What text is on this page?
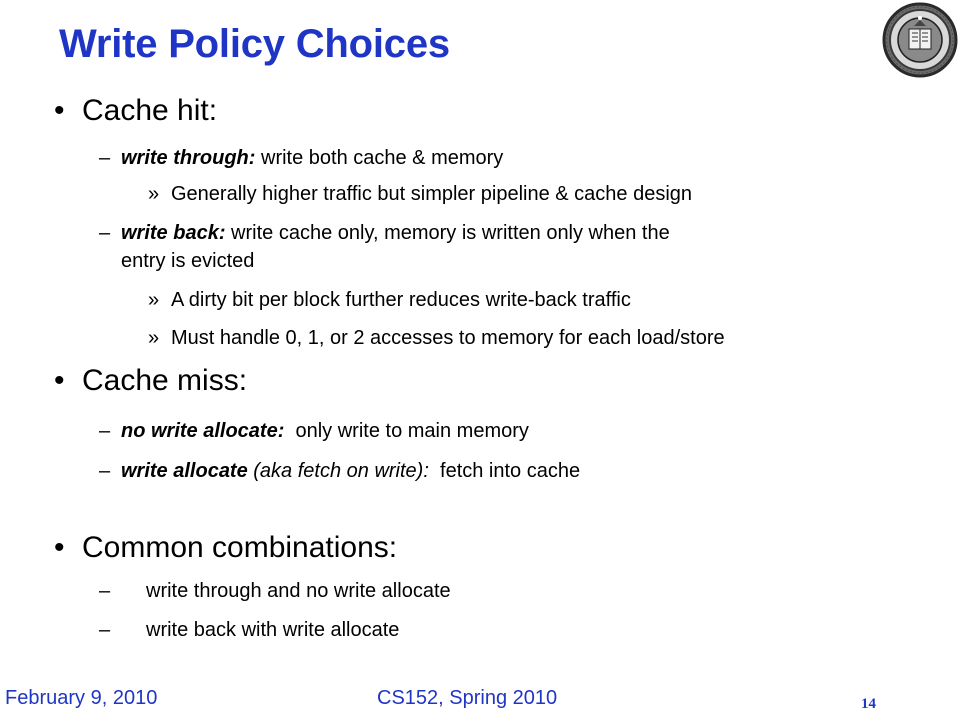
Write Policy Choices
• Cache hit:
– write through: write both cache & memory
» Generally higher traffic but simpler pipeline & cache design
– write back: write cache only, memory is written only when the
entry is evicted
» A dirty bit per block further reduces write-back traffic
» Must handle 0, 1, or 2 accesses to memory for each load/store
• Cache miss:
– no write allocate:  only write to main memory
– write allocate (aka fetch on write):  fetch into cache
• Common combinations:
– write through and no write allocate
– write back with write allocate
February 9, 2010	CS152, Spring 2010	14
